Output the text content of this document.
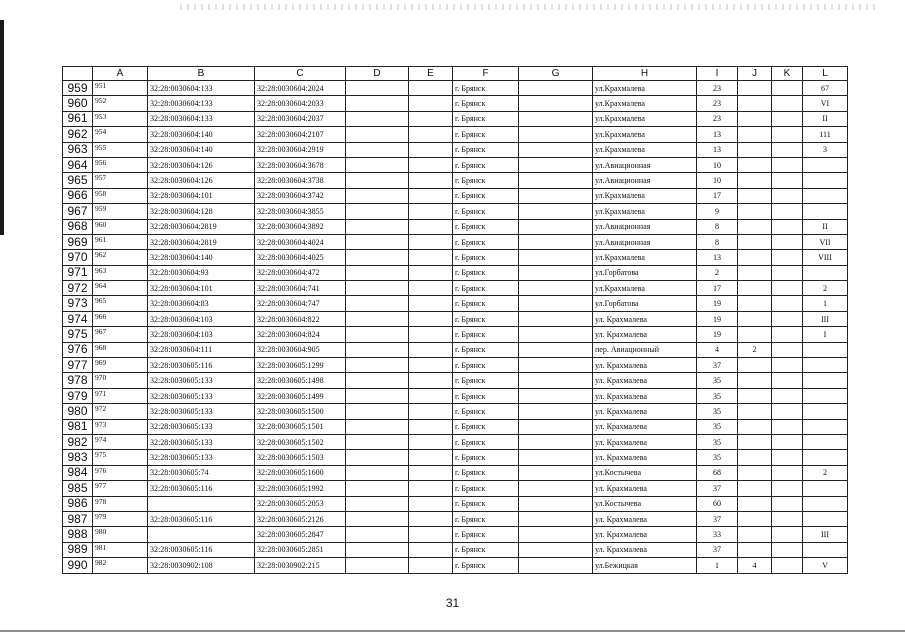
	A	B	C	D	E	F	G	H	I	J	K	L
959	951	32:28:0030604:133	32:28:0030604:2024			г. Брянск		ул.Крахмалева	23			67
960	952	32:28:0030604:133	32:28:0030604:2033			г. Брянск		ул.Крахмалева	23			VI
961	953	32:28:0030604:133	32:28:0030604:2037			г. Брянск		ул.Крахмалева	23			II
962	954	32:28:0030604:140	32:28:0030604:2107			г. Брянск		ул.Крахмалева	13			111
963	955	32:28:0030604:140	32:28:0030604:2919			г. Брянск		ул.Крахмалева	13			3
964	956	32:28:0030604:126	32:28:0030604:3678			г. Брянск		ул.Авиационная	10			
965	957	32:28:0030604:126	32:28:0030604:3738			г. Брянск		ул.Авиационная	10			
966	958	32:28:0030604:101	32:28:0030604:3742			г. Брянск		ул.Крахмалева	17			
967	959	32:28:0030604:128	32:28:0030604:3855			г. Брянск		ул.Крахмалева	9			
968	960	32:28:0030604:2819	32:28:0030604:3892			г. Брянск		ул.Авиационная	8			II
969	961	32:28:0030604:2819	32:28:0030604:4024			г. Брянск		ул.Авиационная	8			VII
970	962	32:28:0030604:140	32:28:0030604:4025			г. Брянск		ул.Крахмалева	13			VIII
971	963	32:28:0030604:93	32:28:0030604:472			г. Брянск		ул.Горбатова	2			
972	964	32:28:0030604:101	32:28:0030604:741			г. Брянск		ул.Крахмалева	17			2
973	965	32:28:0030604:83	32:28:0030604:747			г. Брянск		ул.Горбатова	19			1
974	966	32:28:0030604:103	32:28:0030604:822			г. Брянск		ул. Крахмалева	19			III
975	967	32:28:0030604:103	32:28:0030604:824			г. Брянск		ул. Крахмалева	19			I
976	968	32:28:0030604:111	32:28:0030604:905			г. Брянск		пер. Авиационный	4	2		
977	969	32:28:0030605:116	32:28:0030605:1299			г. Брянск		ул. Крахмалева	37			
978	970	32:28:0030605:133	32:28:0030605:1498			г. Брянск		ул. Крахмалева	35			
979	971	32:28:0030605:133	32:28:0030605:1499			г. Брянск		ул. Крахмалева	35			
980	972	32:28:0030605:133	32:28:0030605:1500			г. Брянск		ул. Крахмалева	35			
981	973	32:28:0030605:133	32:28:0030605:1501			г. Брянск		ул. Крахмалева	35			
982	974	32:28:0030605:133	32:28:0030605:1502			г. Брянск		ул. Крахмалева	35			
983	975	32:28:0030605:133	32:28:0030605:1503			г. Брянск		ул. Крахмалева	35			
984	976	32:28:0030605:74	32:28:0030605:1600			г. Брянск		ул.Костычева	68			2
985	977	32:28:0030605:116	32:28:0030605:1992			г. Брянск		ул. Крахмалева	37			
986	978		32:28:0030605:2053			г. Брянск		ул.Костычева	60			
987	979	32:28:0030605:116	32:28:0030605:2126			г. Брянск		ул. Крахмалева	37			
988	980		32:28:0030605:2847			г. Брянск		ул. Крахмалева	33			III
989	981	32:28:0030605:116	32:28:0030605:2851			г. Брянск		ул. Крахмалева	37			
990	982	32:28:0030902:108	32:28:0030902:215			г. Брянск		ул.Бежицкая	1	4		V
31
